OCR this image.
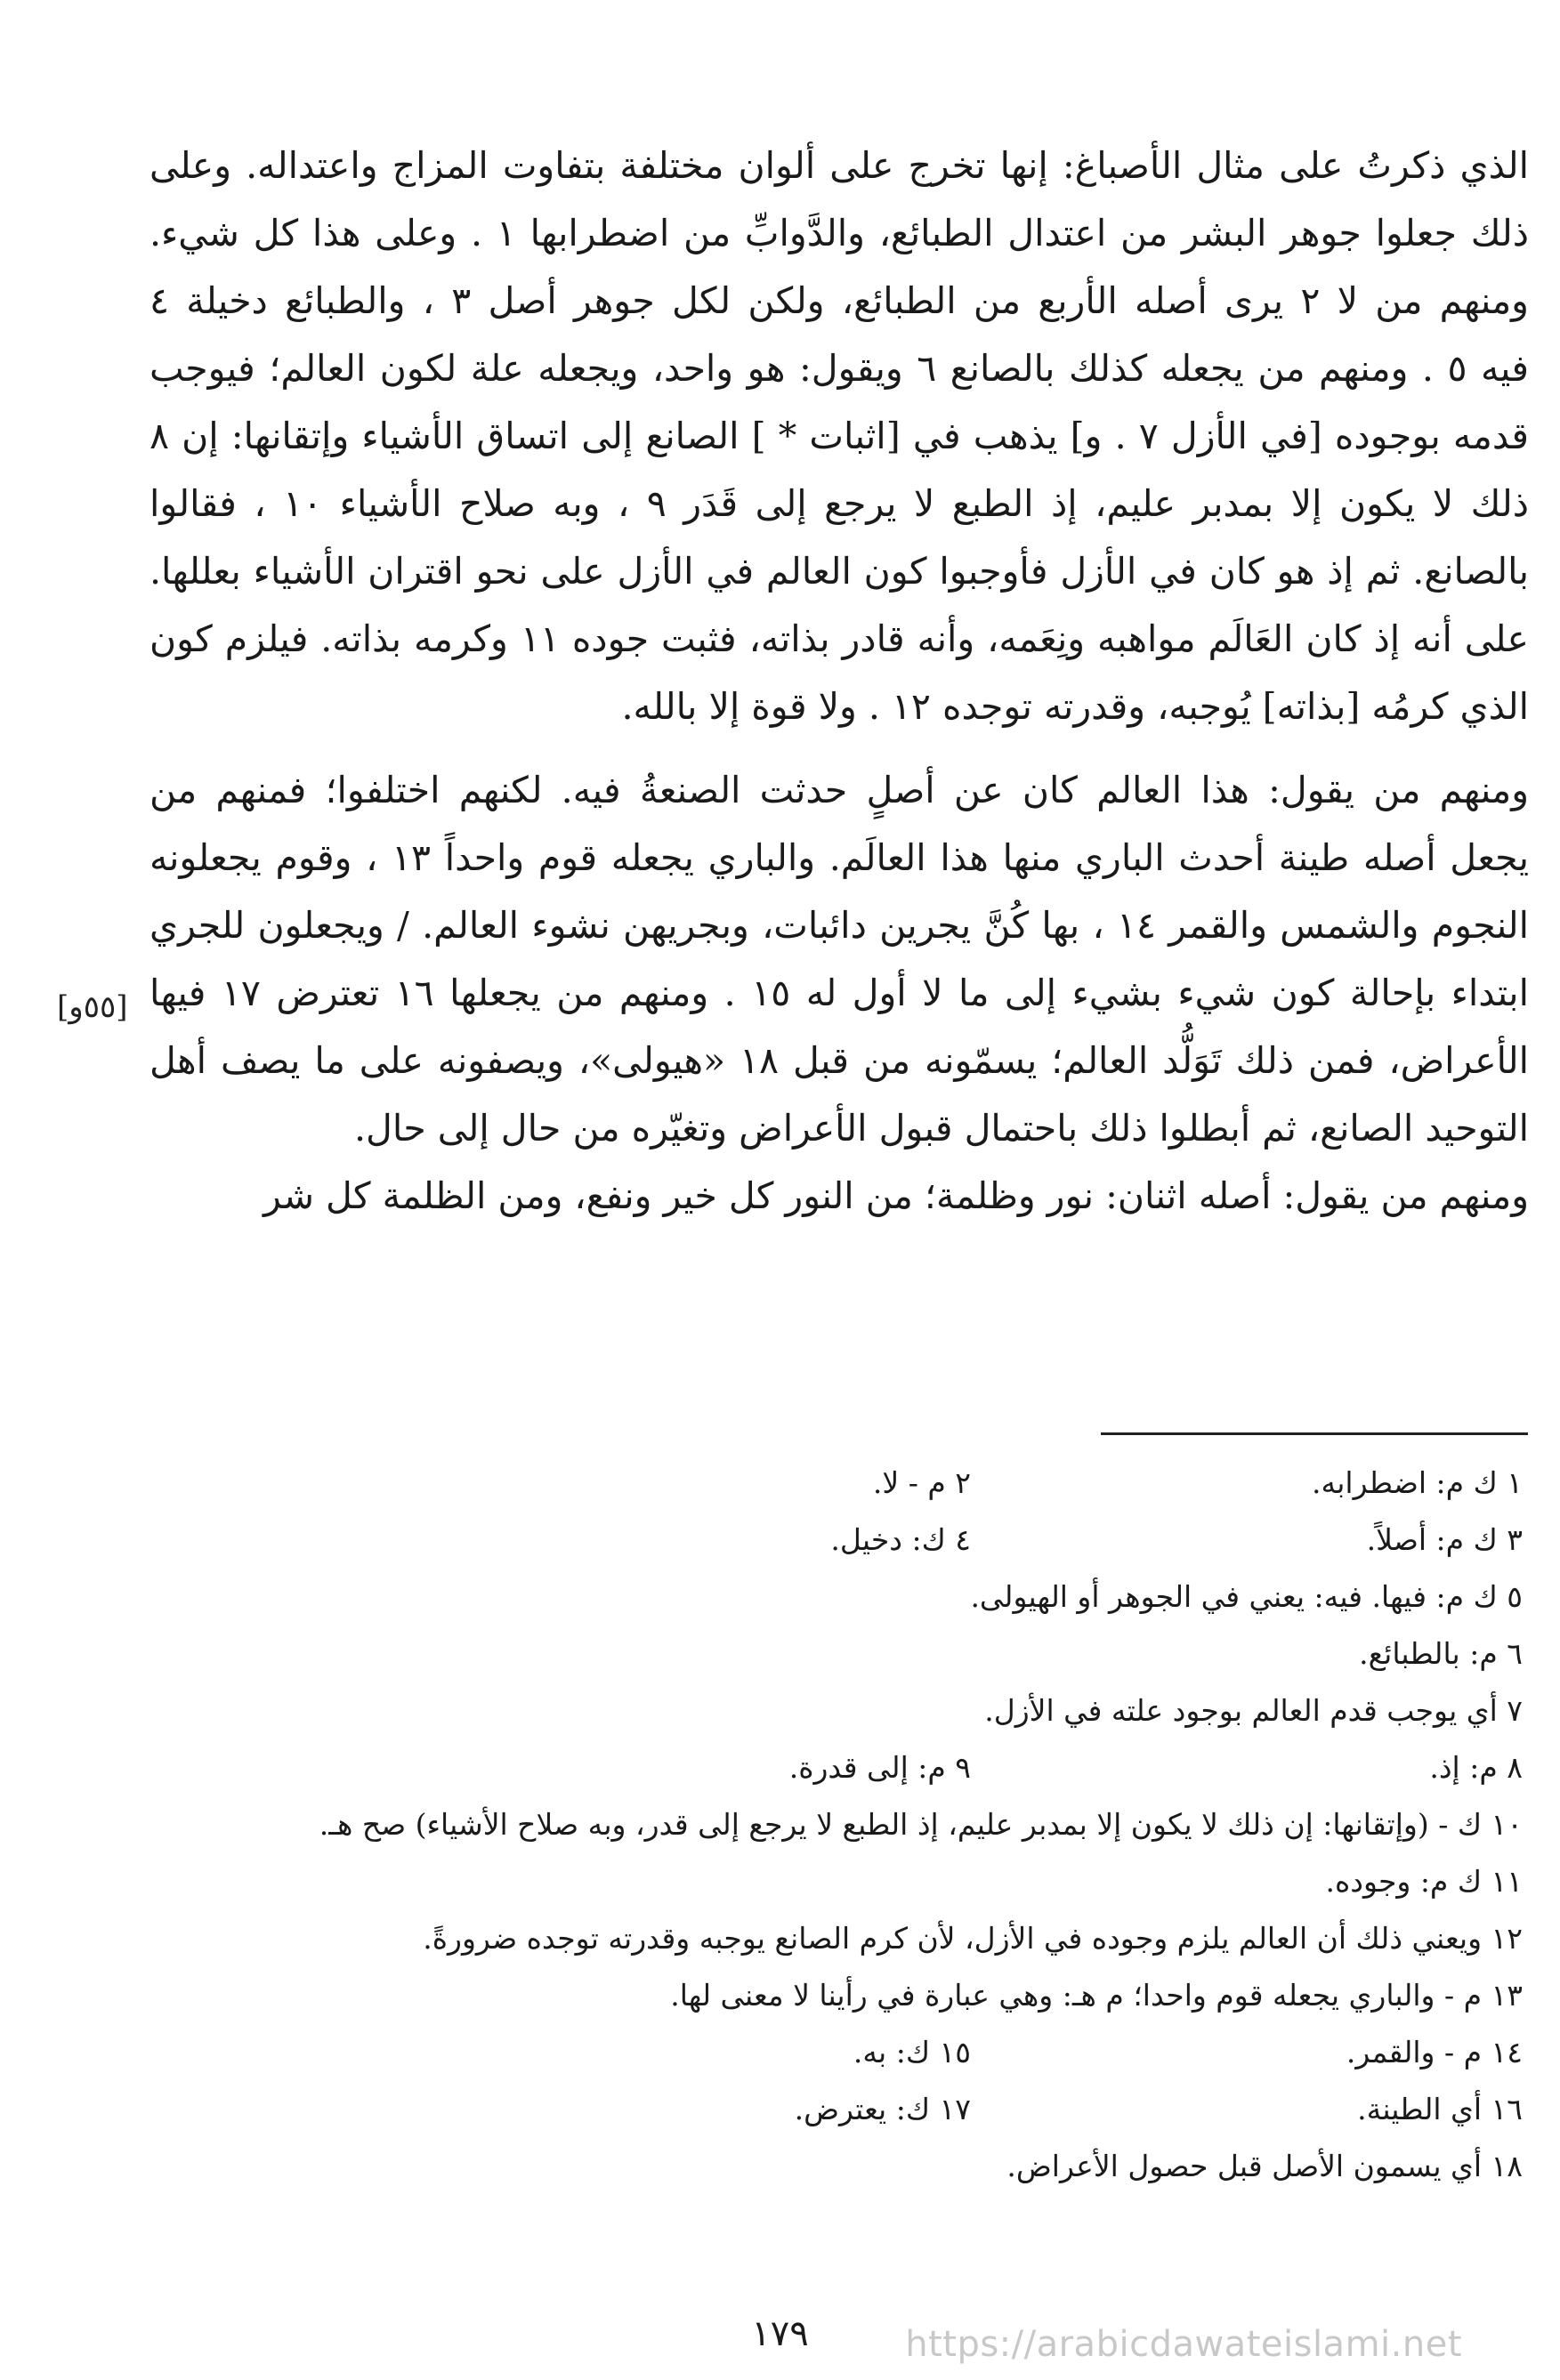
الذي ذكرتُ على مثال الأصباغ: إنها تخرج على ألوان مختلفة بتفاوت المزاج واعتداله. وعلى
ذلك جعلوا جوهر البشر من اعتدال الطبائع، والدَّوابِّ من اضطرابها ١ . وعلى هذا كل شيء.
ومنهم من لا ٢ يرى أصله الأربع من الطبائع، ولكن لكل جوهر أصل ٣ ، والطبائع دخيلة ٤
فيه ٥ . ومنهم من يجعله كذلك بالصانع ٦ ويقول: هو واحد، ويجعله علة لكون العالم؛ فيوجب
قدمه بوجوده [في الأزل ٧ . و] يذهب في [اثبات * ] الصانع إلى اتساق الأشياء وإتقانها: إن ٨
ذلك لا يكون إلا بمدبر عليم، إذ الطبع لا يرجع إلى قَدَر ٩ ، وبه صلاح الأشياء ١٠ ، فقالوا
بالصانع. ثم إذ هو كان في الأزل فأوجبوا كون العالم في الأزل على نحو اقتران الأشياء بعللها.
على أنه إذ كان العَالَم مواهبه ونِعَمه، وأنه قادر بذاته، فثبت جوده ١١ وكرمه بذاته. فيلزم كون
الذي كرمُه [بذاته] يُوجبه، وقدرته توجده ١٢ . ولا قوة إلا بالله.
ومنهم من يقول: هذا العالم كان عن أصلٍ حدثت الصنعةُ فيه. لكنهم اختلفوا؛ فمنهم من
يجعل أصله طينة أحدث الباري منها هذا العالَم. والباري يجعله قوم واحداً ١٣ ، وقوم يجعلونه
النجوم والشمس والقمر ١٤ ، بها كُنَّ يجرين دائبات، وبجريهن نشوء العالم. / ويجعلون للجري
ابتداء بإحالة كون شيء بشيء إلى ما لا أول له ١٥ . ومنهم من يجعلها ١٦ تعترض ١٧ فيها
الأعراض، فمن ذلك تَوَلُّد العالم؛ يسمّونه من قبل ١٨ «هيولى»، ويصفونه على ما يصف أهل
التوحيد الصانع، ثم أبطلوا ذلك باحتمال قبول الأعراض وتغيّره من حال إلى حال.
ومنهم من يقول: أصله اثنان: نور وظلمة؛ من النور كل خير ونفع، ومن الظلمة كل شر
[٥٥و]
١ ك م: اضطرابه.
٢ م - لا.
٣ ك م: أصلاً.
٤ ك: دخيل.
٥ ك م: فيها. فيه: يعني في الجوهر أو الهيولى.
٦ م: بالطبائع.
٧ أي يوجب قدم العالم بوجود علته في الأزل.
٨ م: إذ.
٩ م: إلى قدرة.
١٠ ك - (وإتقانها: إن ذلك لا يكون إلا بمدبر عليم، إذ الطبع لا يرجع إلى قدر، وبه صلاح الأشياء) صح هـ.
١١ ك م: وجوده.
١٢ ويعني ذلك أن العالم يلزم وجوده في الأزل، لأن كرم الصانع يوجبه وقدرته توجده ضرورةً.
١٣ م - والباري يجعله قوم واحدا؛ م هـ: وهي عبارة في رأينا لا معنى لها.
١٤ م - والقمر.
١٥ ك: به.
١٦ أي الطينة.
١٧ ك: يعترض.
١٨ أي يسمون الأصل قبل حصول الأعراض.
١٧٩	https://arabicdawateislami.net
